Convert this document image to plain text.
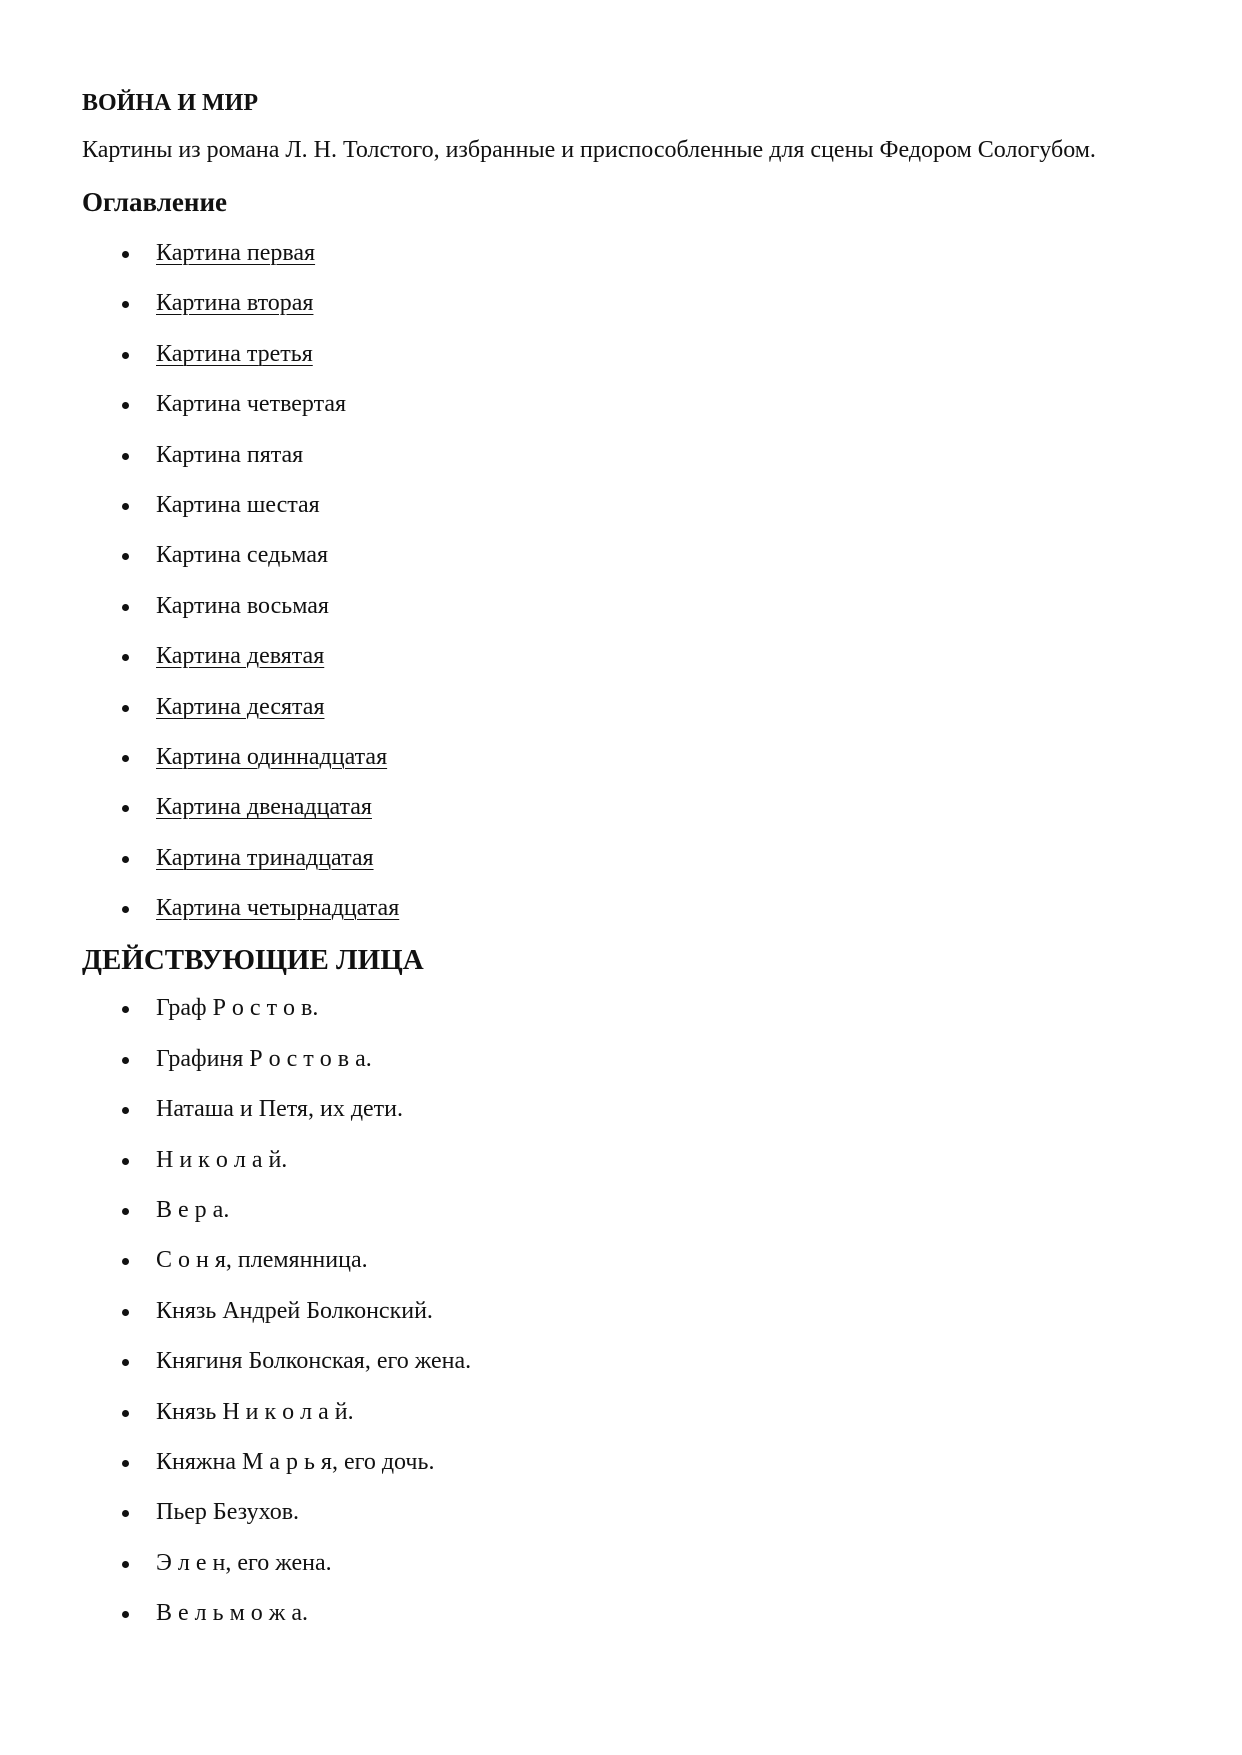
ВОЙНА И МИР

Картины из романа Л. Н. Толстого, избранные и приспособленные для сцены Федором Сологубом.

Оглавление
Картина первая
Картина вторая
Картина третья
Картина четвертая
Картина пятая
Картина шестая
Картина седьмая
Картина восьмая
Картина девятая
Картина десятая
Картина одиннадцатая
Картина двенадцатая
Картина тринадцатая
Картина четырнадцатая
ДЕЙСТВУЮЩИЕ ЛИЦА
Граф Р о с т о в.
Графиня Р о с т о в а.
Наташа и Петя, их дети.
Н и к о л а й.
В е р а.
С о н я, племянница.
Князь Андрей Болконский.
Княгиня Болконская, его жена.
Князь Н и к о л а й.
Княжна М а р ь я, его дочь.
Пьер Безухов.
Э л е н, его жена.
В е л ь м о ж а.
